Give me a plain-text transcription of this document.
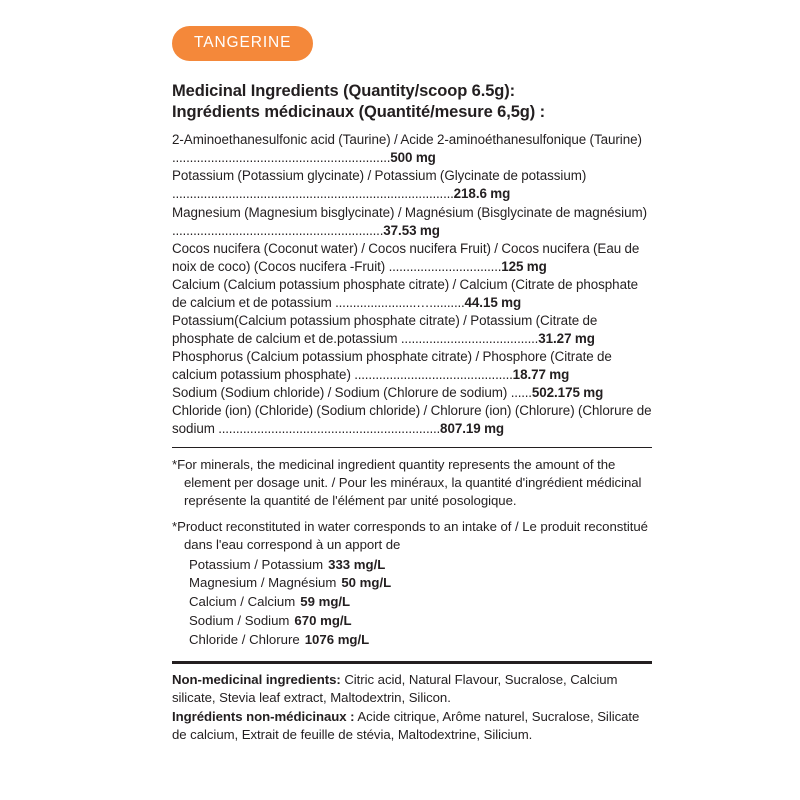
TANGERINE
Medicinal Ingredients (Quantity/scoop 6.5g):
Ingrédients médicinaux (Quantité/mesure 6,5g) :
2-Aminoethanesulfonic acid (Taurine) / Acide 2-aminoéthanesulfonique (Taurine) ..............................................................500 mg
Potassium (Potassium glycinate) / Potassium (Glycinate de potassium) ................................................................................218.6 mg
Magnesium (Magnesium bisglycinate) / Magnésium (Bisglycinate de magnésium) ............................................................37.53 mg
Cocos nucifera (Coconut water) / Cocos nucifera Fruit) / Cocos nucifera (Eau de noix de coco) (Cocos nucifera -Fruit) ................................125 mg
Calcium (Calcium potassium phosphate citrate) / Calcium (Citrate de phosphate de calcium et de potassium .......................…..........44.15 mg
Potassium(Calcium potassium phosphate citrate) / Potassium (Citrate de phosphate de calcium et de.potassium .......................................31.27 mg
Phosphorus (Calcium potassium phosphate citrate) / Phosphore (Citrate de calcium potassium phosphate) .............................................18.77 mg
Sodium (Sodium chloride) / Sodium (Chlorure de sodium) ......502.175 mg
Chloride (ion) (Chloride) (Sodium chloride) / Chlorure (ion) (Chlorure) (Chlorure de sodium ...............................................................807.19 mg
*For minerals, the medicinal ingredient quantity represents the amount of the element per dosage unit. / Pour les minéraux, la quantité d'ingrédient médicinal représente la quantité de l'élément par unité posologique.
*Product reconstituted in water corresponds to an intake of / Le produit reconstitué dans l'eau correspond à un apport de
Potassium / Potassium 333 mg/L
Magnesium / Magnésium 50 mg/L
Calcium / Calcium 59 mg/L
Sodium / Sodium 670 mg/L
Chloride / Chlorure 1076 mg/L
Non-medicinal ingredients: Citric acid, Natural Flavour, Sucralose, Calcium silicate, Stevia leaf extract, Maltodextrin, Silicon.
Ingrédients non-médicinaux : Acide citrique, Arôme naturel, Sucralose, Silicate de calcium, Extrait de feuille de stévia, Maltodextrine, Silicium.
